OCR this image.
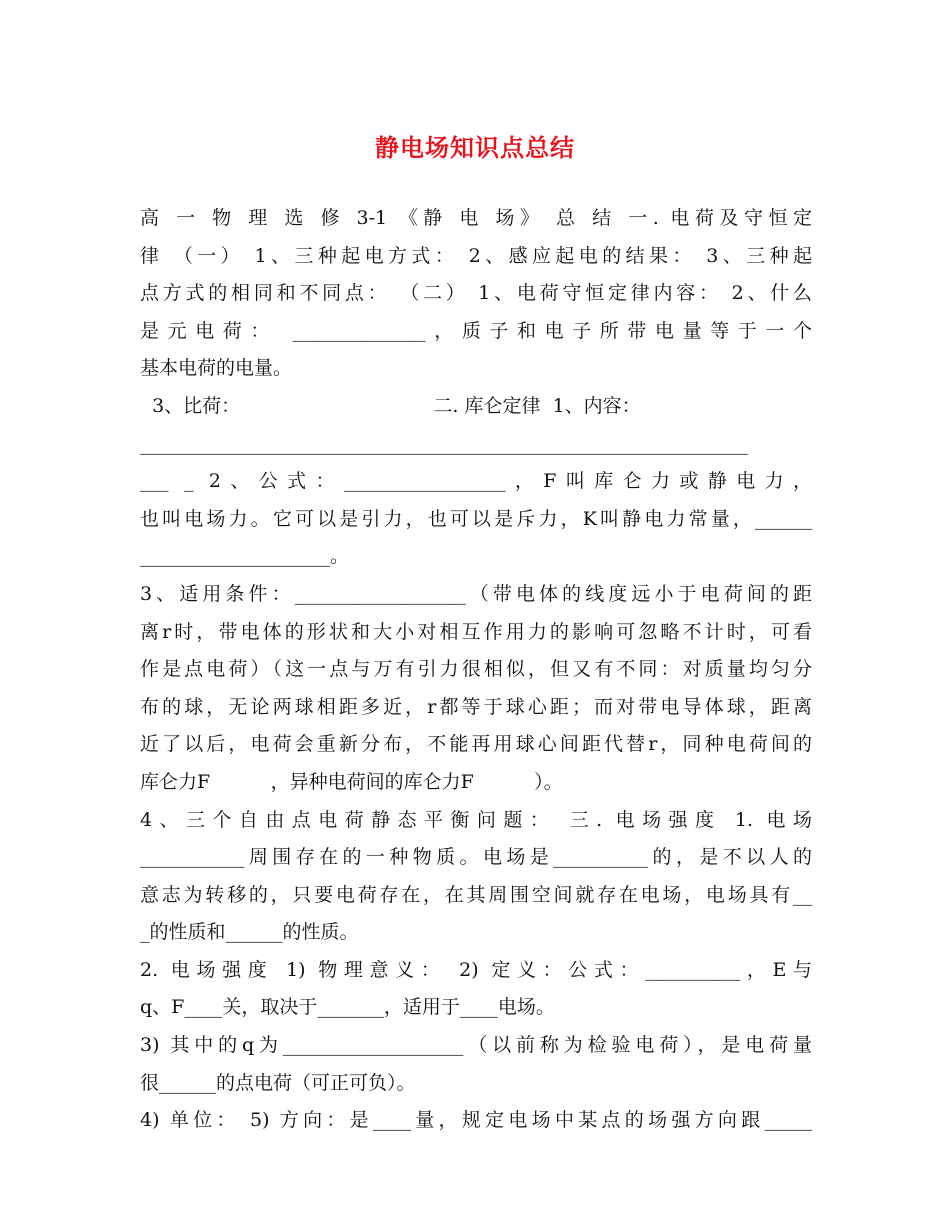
静电场知识点总结
高 一 物 理 选 修 3-1 《静 电 场》 总 结 一. 电荷及守恒定
律 （一） 1、三种起电方式： 2、感应起电的结果： 3、三种起
点方式的相同和不同点： （二） 1、电荷守恒定律内容： 2、什么
是元电荷： ______________，质子和电子所带电量等于一个
基本电荷的电量。
3、比荷：                                二. 库仑定律  1、内容：
________________________________________________________________
___ _ 2、公式：_________________，F叫库仑力或静电力，
也叫电场力。它可以是引力，也可以是斥力，K叫静电力常量，______
____________________。
3、适用条件：__________________（带电体的线度远小于电荷间的距
离r时，带电体的形状和大小对相互作用力的影响可忽略不计时，可看
作是点电荷）（这一点与万有引力很相似，但又有不同：对质量均匀分
布的球，无论两球相距多近，r都等于球心距；而对带电导体球，距离
近了以后，电荷会重新分布，不能再用球心间距代替r，同种电荷间的
库仑力F          ，异种电荷间的库仑力F          ）。
4、三个自由点电荷静态平衡问题： 三. 电场强度 1. 电场
___________周围存在的一种物质。电场是__________的，是不以人的
意志为转移的，只要电荷存在，在其周围空间就存在电场，电场具有__
_的性质和______的性质。
2. 电场强度 1) 物理意义： 2) 定义：公式：__________，E与
q、F____关，取决于_______，适用于____电场。
3) 其中的q为___________________（以前称为检验电荷），是电荷量
很______的点电荷（可正可负）。
4) 单位： 5) 方向：是____量，规定电场中某点的场强方向跟_____
